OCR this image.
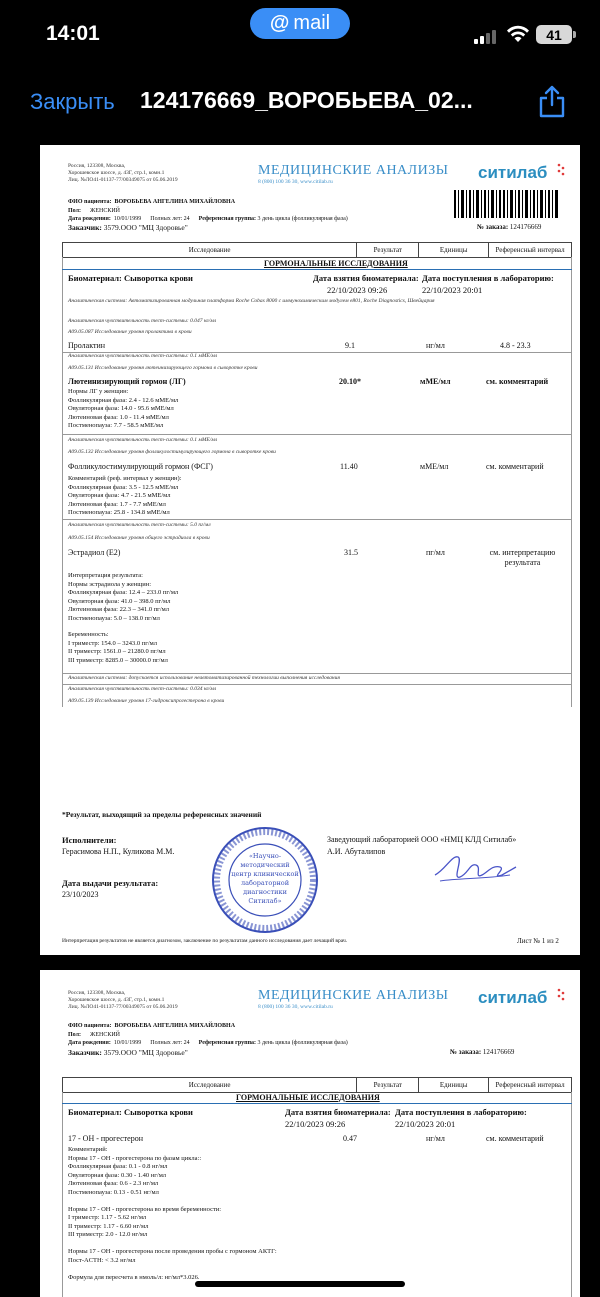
14:01	@ mail
41
Закрыть 124176669_ВОРОБЬЕВА_02...
Россия, 123308, Москва,
Хорошевское шоссе, д. 43Г, стр.1, комн.1
Лиц. №ЛО41-01137-77/00349075 от 05.06.2019
МЕДИЦИНСКИЕ АНАЛИЗЫ
8 (800) 100 36 30, www.citilab.ru	ситилаб
ФИО пациента: ВОРОБЬЕВА АНГЕЛИНА МИХАЙЛОВНА
Пол: ЖЕНСКИЙ
Дата рождения: 10/01/1999 Полных лет: 24 Референсная группа: 3 день цикла (фолликулярная фаза)
Заказчик: 3579.ООО "МЦ Здоровье"	№ заказа: 124176669
Исследование	Результат	Единицы	Референсный интервал
ГОРМОНАЛЬНЫЕ ИССЛЕДОВАНИЯ
Биоматериал: Сыворотка крови	Дата взятия биоматериала:
22/10/2023 09:26
Дата поступления в лабораторию:
22/10/2023 20:01
Аналитическая система: Автоматизированная модульная платформа Roche Cobas 8000 с иммунохимическим модулем e801, Roche Diagnostics, Швейцария
Аналитическая чувствительность тест-системы: 0.047 нг/мл
A09.05.087 Исследование уровня пролактина в крови
Пролактин	9.1	нг/мл	4.8 - 23.3
Аналитическая чувствительность тест-системы: 0.1 мМЕ/мл
A09.05.131 Исследование уровня лютеинизирующего гормона в сыворотке крови
Лютеинизирующий гормон (ЛГ)	20.10*	мМЕ/мл	см. комментарий
Нормы ЛГ у женщин:
Фолликулярная фаза: 2.4 - 12.6 мМЕ/мл
Овуляторная фаза: 14.0 - 95.6 мМЕ/мл
Лютеиновая фаза: 1.0 - 11.4 мМЕ/мл
Постменопауза: 7.7 - 58.5 мМЕ/мл
Аналитическая чувствительность тест-системы: 0.1 мМЕ/мл
A09.05.132 Исследование уровня фолликулостимулирующего гормона в сыворотке крови
Фолликулостимулирующий гормон (ФСГ)	11.40	мМЕ/мл	см. комментарий
Комментарий (реф. интервал у женщин):
Фолликулярная фаза: 3.5 - 12.5 мМЕ/мл
Овуляторная фаза: 4.7 - 21.5 мМЕ/мл
Лютеиновая фаза: 1.7 - 7.7 мМЕ/мл
Постменопауза: 25.8 - 134.8 мМЕ/мл
Аналитическая чувствительность тест-системы: 5.0 пг/мл
A09.05.154 Исследование уровня общего эстрадиола в крови
Эстрадиол (Е2)	31.5	пг/мл	см. интерпретацию результата
Интерпретация результата:
Нормы эстрадиола у женщин:
Фолликулярная фаза: 12.4 – 233.0 пг/мл
Овуляторная фаза: 41.0 – 398.0 пг/мл
Лютеиновая фаза: 22.3 – 341.0 пг/мл
Постменопауза: 5.0 – 138.0 пг/мл
Беременность:
I триместр: 154.0 – 3243.0 пг/мл
II триместр: 1561.0 – 21280.0 пг/мл
III триместр: 8285.0 – 30000.0 пг/мл
Аналитическая система: допускается использование неавтоматизированной технологии выполнения исследования
Аналитическая чувствительность тест-системы: 0.034 нг/мл
A09.05.139 Исследование уровня 17-гидроксипрогестерона в крови
*Результат, выходящий за пределы референсных значений
Исполнители:
Герасимова Н.П., Куликова М.М.
Заведующий лабораторией ООО «НМЦ КЛД Ситилаб»
А.И. Абуталипов
Дата выдачи результата:
23/10/2023
«Научно-
методический
центр клинической
лабораторной
диагностики
Ситилаб»
Интерпретация результатов не является диагнозом, заключение по результатам данного исследования дает лечащий врач.	Лист № 1 из 2
Россия, 123308, Москва,
Хорошевское шоссе, д. 43Г, стр.1, комн.1
Лиц. №ЛО41-01137-77/00349075 от 05.06.2019
МЕДИЦИНСКИЕ АНАЛИЗЫ
8 (800) 100 36 30, www.citilab.ru	ситилаб
ФИО пациента: ВОРОБЬЕВА АНГЕЛИНА МИХАЙЛОВНА
Пол: ЖЕНСКИЙ
Дата рождения: 10/01/1999 Полных лет: 24 Референсная группа: 3 день цикла (фолликулярная фаза)
Заказчик: 3579.ООО "МЦ Здоровье"	№ заказа: 124176669
Исследование	Результат	Единицы	Референсный интервал
ГОРМОНАЛЬНЫЕ ИССЛЕДОВАНИЯ
Биоматериал: Сыворотка крови	Дата взятия биоматериала:
22/10/2023 09:26
Дата поступления в лабораторию:
22/10/2023 20:01
17 - ОН - прогестерон	0.47	нг/мл	см. комментарий
Комментарий:
Нормы 17 - ОН - прогестерона по фазам цикла::
Фолликулярная фаза: 0.1 - 0.8 нг/мл
Овуляторная фаза: 0.30 - 1.40 нг/мл
Лютеиновая фаза: 0.6 - 2.3 нг/мл
Постменопауза: 0.13 - 0.51 нг/мл
Нормы 17 - ОН - прогестерона во время беременности:
I триместр: 1.17 - 5.62 нг/мл
II триместр: 1.17 - 6.60 нг/мл
III триместр: 2.0 - 12.0 нг/мл
Нормы 17 - ОН - прогестерона после проведения пробы с гормоном АКТГ:
Пост-ACTH: < 3.2 нг/мл
Формула для пересчета в нмоль/л: нг/мл*3.026.
